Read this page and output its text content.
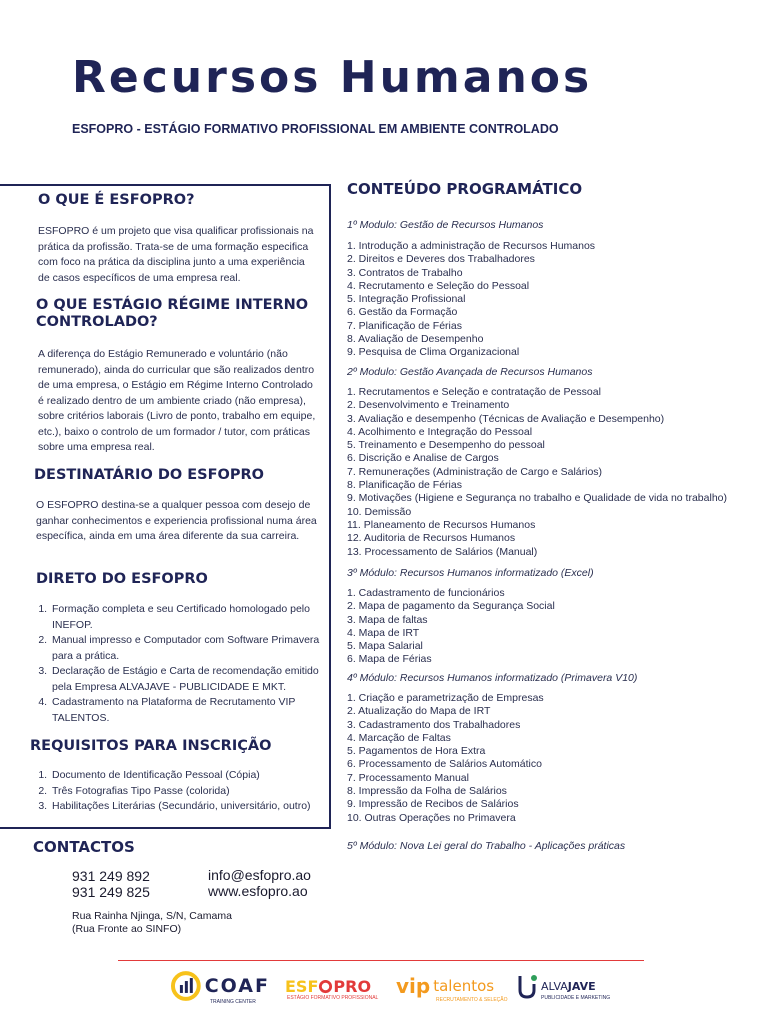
Recursos Humanos

ESFOPRO - ESTÁGIO FORMATIVO PROFISSIONAL EM AMBIENTE CONTROLADO

O QUE É ESFOPRO?

ESFOPRO é um projeto que visa qualificar profissionais na prática da profissão. Trata-se de uma formação especifica com foco na prática da disciplina junto a uma experiência de casos específicos de uma empresa real.

O QUE ESTÁGIO RÉGIME INTERNO CONTROLADO?

A diferença do Estágio Remunerado e voluntário (não remunerado), ainda do curricular que são realizados dentro de uma empresa, o Estágio em Régime Interno Controlado é realizado dentro de um ambiente criado (não empresa), sobre critérios laborais (Livro de ponto, trabalho em equipe, etc.), baixo o controlo de um formador / tutor, com práticas sobre uma empresa real.

DESTINATÁRIO DO ESFOPRO

O ESFOPRO destina-se a qualquer pessoa com desejo de ganhar conhecimentos e experiencia profissional numa área específica, ainda em uma área diferente da sua carreira.

DIRETO DO ESFOPRO
1. Formação completa e seu Certificado homologado pelo INEFOP.
2. Manual impresso e Computador com Software Primavera para a prática.
3. Declaração de Estágio e Carta de recomendação emitido pela Empresa ALVAJAVE - PUBLICIDADE E MKT.
4. Cadastramento na Plataforma de Recrutamento VIP TALENTOS.
REQUISITOS PARA INSCRIÇÃO
1. Documento de Identificação Pessoal (Cópia)
2. Três Fotografias Tipo Passe (colorida)
3. Habilitações Literárias (Secundário, universitário, outro)
CONTEÚDO PROGRAMÁTICO

1º Modulo: Gestão de Recursos Humanos

1. Introdução a administração de Recursos Humanos
2. Direitos e Deveres dos Trabalhadores
3. Contratos de Trabalho
4. Recrutamento e Seleção do Pessoal
5. Integração Profissional
6. Gestão da Formação
7. Planificação de Férias
8. Avaliação de Desempenho
9. Pesquisa de Clima Organizacional

2º Modulo: Gestão Avançada de Recursos Humanos

1. Recrutamentos e Seleção e contratação de Pessoal
2. Desenvolvimento e Treinamento
3. Avaliação e desempenho (Técnicas de Avaliação e Desempenho)
4. Acolhimento e Integração do Pessoal
5. Treinamento e Desempenho do pessoal
6. Discrição e Analise de Cargos
7. Remunerações (Administração de Cargo e Salários)
8. Planificação de Férias
9. Motivações (Higiene e Segurança no trabalho e Qualidade de vida no trabalho)
10. Demissão
11. Planeamento de Recursos Humanos
12. Auditoria de Recursos Humanos
13. Processamento de Salários (Manual)

3º Módulo: Recursos Humanos informatizado (Excel)

1. Cadastramento de funcionários
2. Mapa de pagamento da Segurança Social
3. Mapa de faltas
4. Mapa de IRT
5. Mapa Salarial
6. Mapa de Férias

4º Módulo: Recursos Humanos informatizado (Primavera V10)

1. Criação e parametrização de Empresas
2. Atualização do Mapa de IRT
3. Cadastramento dos Trabalhadores
4. Marcação de Faltas
5. Pagamentos de Hora Extra
6. Processamento de Salários Automático
7. Processamento Manual
8. Impressão da Folha de Salários
9. Impressão de Recibos de Salários
10. Outras Operações no Primavera

5º Módulo: Nova Lei geral do Trabalho - Aplicações práticas

CONTACTOS

931 249 892

931 249 825

info@esfopro.ao

www.esfopro.ao

Rua Rainha Njinga, S/N, Camama

(Rua Fronte ao SINFO)

COAF
TRAINING CENTER
ESF PRO
ESTÁGIO FORMATIVO PROFISSIONAL vip talentos
RECRUTAMENTO & SELEÇÃO
ALVA JAVE
PUBLICIDADE E MARKETING
